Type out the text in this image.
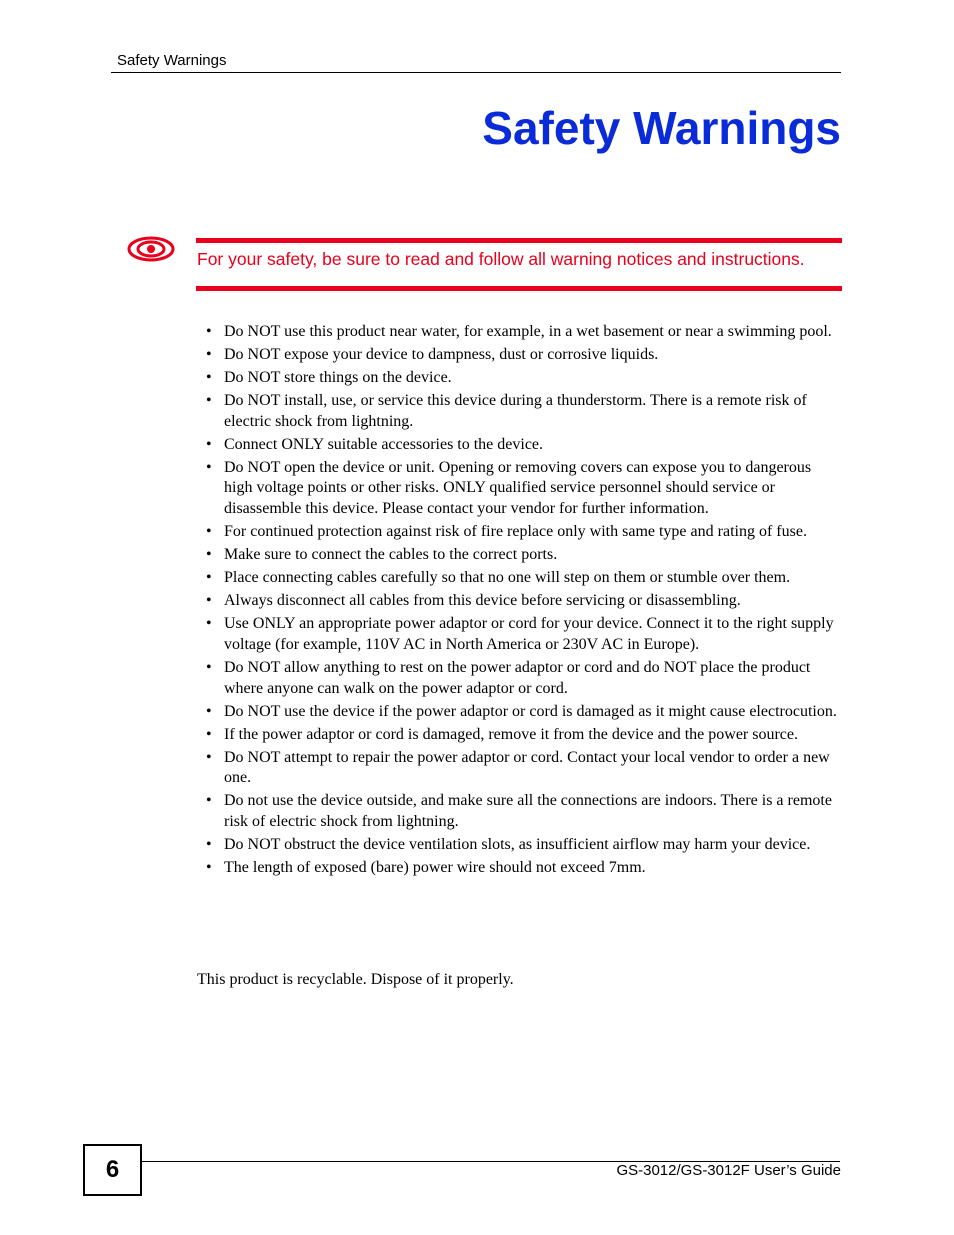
Safety Warnings
Safety Warnings
For your safety, be sure to read and follow all warning notices and instructions.
• Do NOT use this product near water, for example, in a wet basement or near a swimming pool.
• Do NOT expose your device to dampness, dust or corrosive liquids.
• Do NOT store things on the device.
• Do NOT install, use, or service this device during a thunderstorm. There is a remote risk of electric shock from lightning.
• Connect ONLY suitable accessories to the device.
• Do NOT open the device or unit. Opening or removing covers can expose you to dangerous high voltage points or other risks. ONLY qualified service personnel should service or disassemble this device. Please contact your vendor for further information.
• For continued protection against risk of fire replace only with same type and rating of fuse.
• Make sure to connect the cables to the correct ports.
• Place connecting cables carefully so that no one will step on them or stumble over them.
• Always disconnect all cables from this device before servicing or disassembling.
• Use ONLY an appropriate power adaptor or cord for your device. Connect it to the right supply voltage (for example, 110V AC in North America or 230V AC in Europe).
• Do NOT allow anything to rest on the power adaptor or cord and do NOT place the product where anyone can walk on the power adaptor or cord.
• Do NOT use the device if the power adaptor or cord is damaged as it might cause electrocution.
• If the power adaptor or cord is damaged, remove it from the device and the power source.
• Do NOT attempt to repair the power adaptor or cord. Contact your local vendor to order a new one.
• Do not use the device outside, and make sure all the connections are indoors. There is a remote risk of electric shock from lightning.
• Do NOT obstruct the device ventilation slots, as insufficient airflow may harm your device.
• The length of exposed (bare) power wire should not exceed 7mm.
This product is recyclable. Dispose of it properly.
6	GS-3012/GS-3012F User’s Guide
